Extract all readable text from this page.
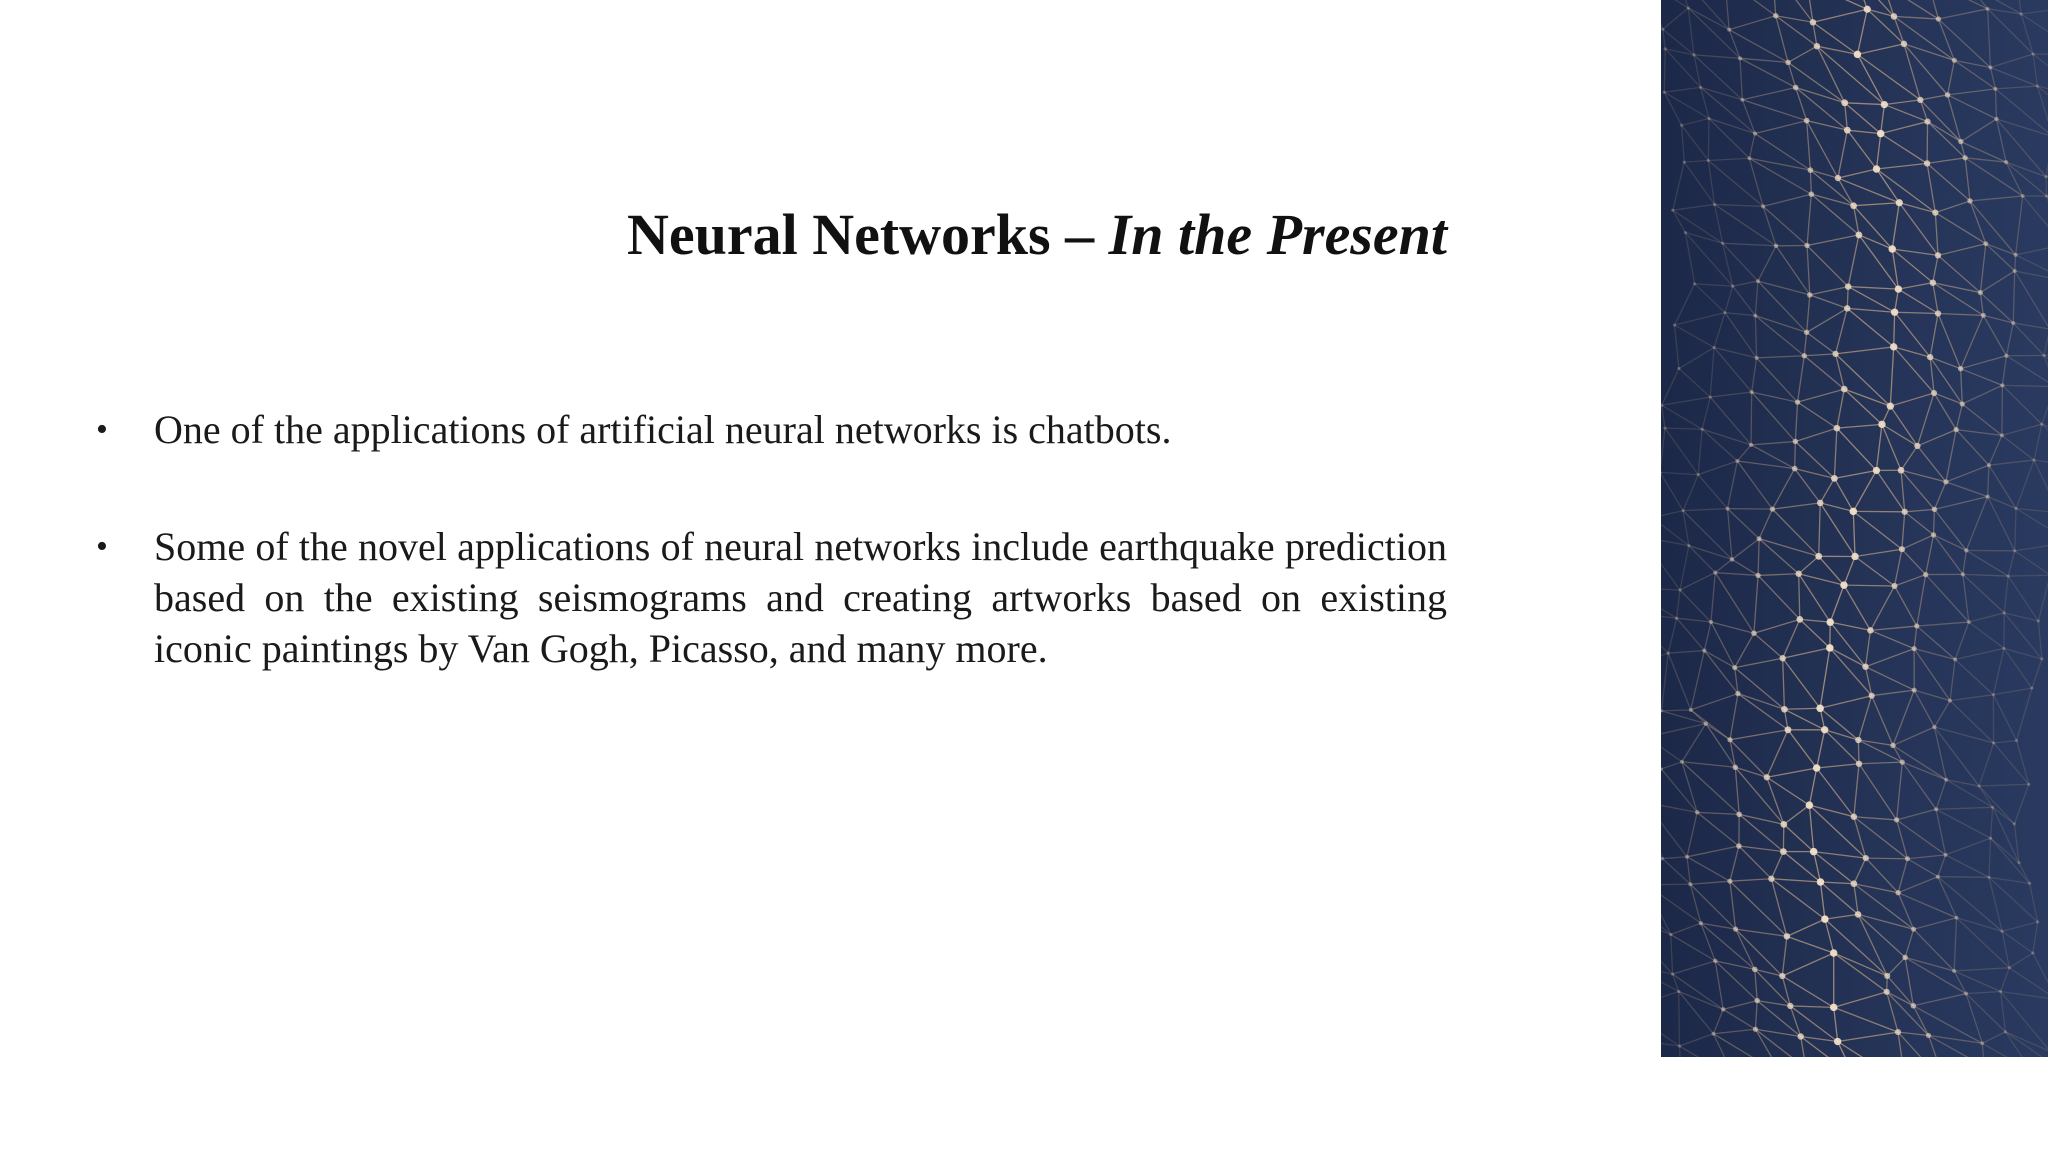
Neural Networks – In the Present
• One of the applications of artificial neural networks is chatbots.
• Some of the novel applications of neural networks include earthquake prediction based on the existing seismograms and creating artworks based on existing iconic paintings by Van Gogh, Picasso, and many more.
